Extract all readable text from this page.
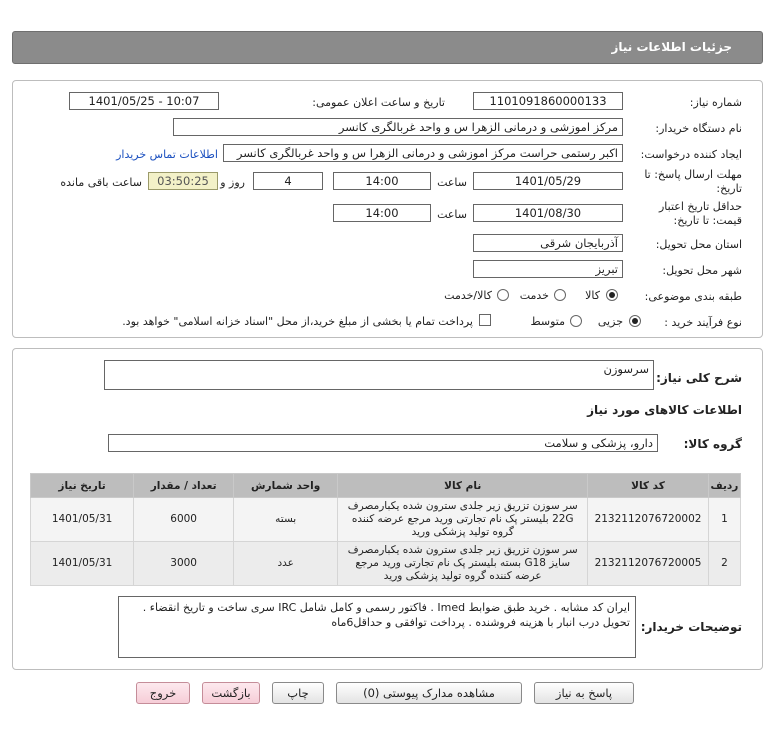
جزئیات اطلاعات نیاز
شماره نیاز:
1101091860000133
تاریخ و ساعت اعلان عمومی:
1401/05/25 - 10:07
نام دستگاه خریدار:
مرکز اموزشی و درمانی الزهرا س و واحد غربالگری کانسر
ایجاد کننده درخواست:
اکبر رستمی حراست مرکز اموزشی و درمانی الزهرا س و واحد غربالگری کانسر
اطلاعات تماس خریدار
مهلت ارسال پاسخ: تا
تاریخ:
1401/05/29
ساعت
14:00
4
روز و
03:50:25
ساعت باقی مانده
حداقل تاریخ اعتبار
قیمت: تا تاریخ:
1401/08/30
ساعت
14:00
استان محل تحویل:
آذربایجان شرقی
شهر محل تحویل:
تبریز
طبقه بندی موضوعی:
کالا
خدمت
کالا/خدمت
نوع فرآیند خرید :
جزیی
متوسط
پرداخت تمام یا بخشی از مبلغ خرید،از محل "اسناد خزانه اسلامی" خواهد بود.
شرح کلی نیاز:
سرسوزن
اطلاعات کالاهای مورد نیاز
گروه کالا:
دارو، پزشکی و سلامت
ردیف	کد کالا	نام کالا	واحد شمارش	تعداد / مقدار	تاریخ نیاز
1	2132112076720002	سر سوزن تزریق زیر جلدی سترون شده یکبارمصرف 22G بلیستر پک نام تجارتی ورید مرجع عرضه کننده گروه تولید پزشکی ورید	بسته	6000	1401/05/31
2	2132112076720005	سر سوزن تزریق زیر جلدی سترون شده یکبارمصرف سایز G18 بسته بلیستر پک نام تجارتی ورید مرجع عرضه کننده گروه تولید پزشکی ورید	عدد	3000	1401/05/31
توضیحات خریدار:
ایران کد مشابه . خرید طبق ضوابط Imed . فاکتور رسمی و کامل شامل IRC سری ساخت و تاریخ انقضاء . تحویل درب انبار با هزینه فروشنده . پرداخت توافقی و حداقل6ماه
پاسخ به نیاز
مشاهده مدارک پیوستی (0)
چاپ
بازگشت
خروج
